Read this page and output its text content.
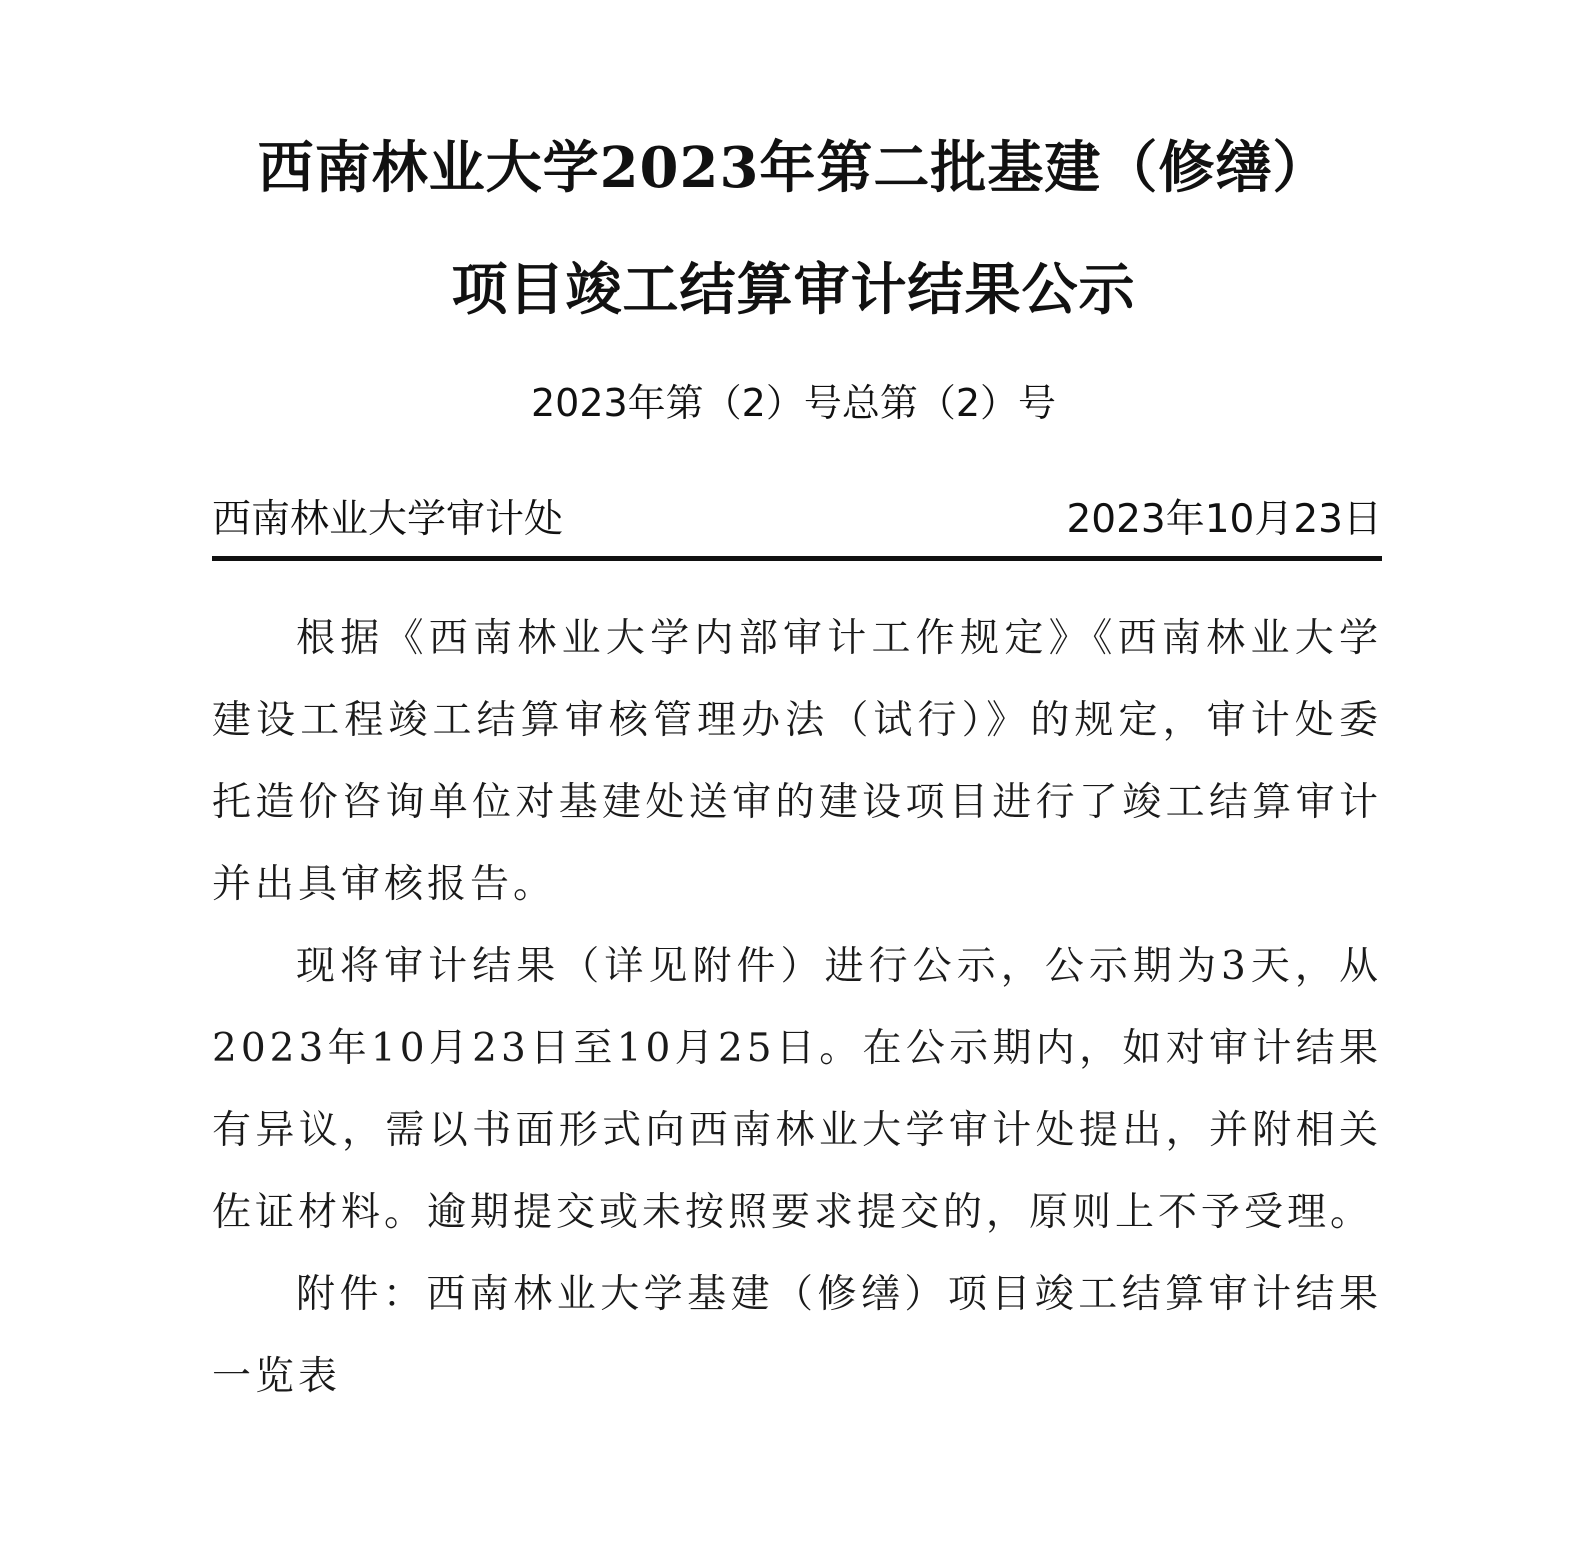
西南林业大学2023年第二批基建（修缮）
项目竣工结算审计结果公示
2023年第（2）号总第（2）号
西南林业大学审计处	2023年10月23日

根据《西南林业大学内部审计工作规定》《西南林业大学建设工程竣工结算审核管理办法（试行）》的规定，审计处委托造价咨询单位对基建处送审的建设项目进行了竣工结算审计并出具审核报告。

现将审计结果（详见附件）进行公示，公示期为3天，从2023年10月23日至10月25日。在公示期内，如对审计结果有异议，需以书面形式向西南林业大学审计处提出，并附相关佐证材料。逾期提交或未按照要求提交的，原则上不予受理。

附件：西南林业大学基建（修缮）项目竣工结算审计结果一览表
